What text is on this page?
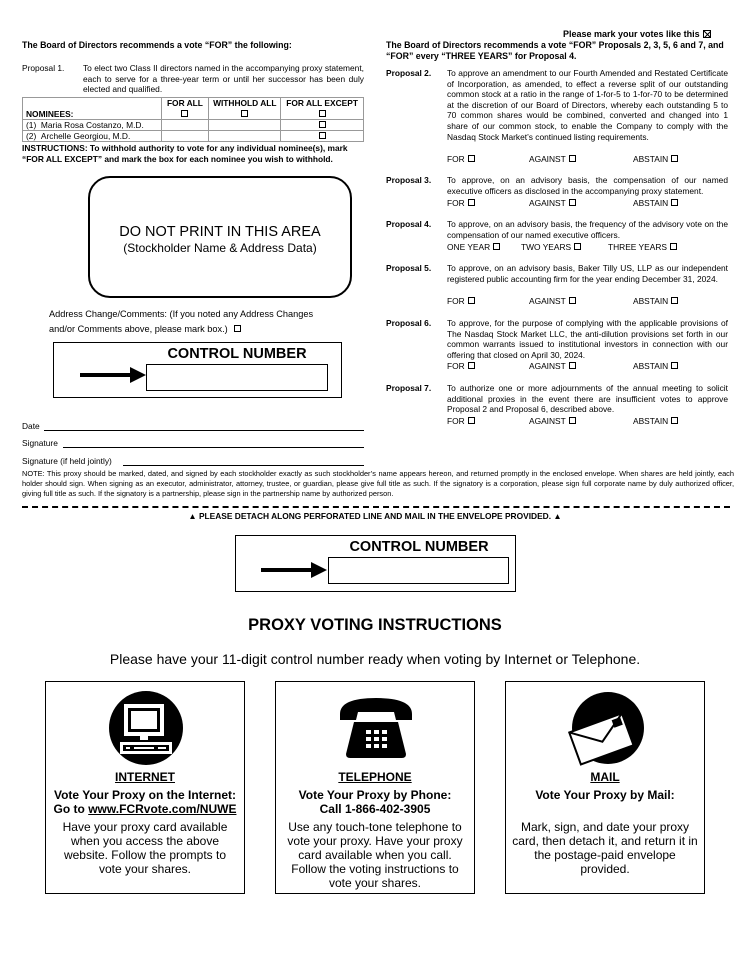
Please mark your votes like this
The Board of Directors recommends a vote “FOR” the following:
Proposal 1.	To elect two Class II directors named in the accompanying proxy statement, each to serve for a three-year term or until her successor has been duly elected and qualified.
	FOR ALL	WITHHOLD ALL	FOR ALL EXCEPT
NOMINEES:			
(1) Maria Rosa Costanzo, M.D.			
(2) Archelle Georgiou, M.D.			
INSTRUCTIONS: To withhold authority to vote for any individual nominee(s), mark “FOR ALL EXCEPT” and mark the box for each nominee you wish to withhold.
DO NOT PRINT IN THIS AREA
(Stockholder Name & Address Data)
Address Change/Comments: (If you noted any Address Changes
and/or Comments above, please mark box.)
CONTROL NUMBER
Date
Signature
Signature (if held jointly)
The Board of Directors recommends a vote “FOR” Proposals 2, 3, 5, 6 and 7, and “FOR” every “THREE YEARS” for Proposal 4.
Proposal 2.	To approve an amendment to our Fourth Amended and Restated Certificate of Incorporation, as amended, to effect a reverse split of our outstanding common stock at a ratio in the range of 1-for-5 to 1-for-70 to be determined at the discretion of our Board of Directors, whereby each outstanding 5 to 70 common shares would be combined, converted and changed into 1 share of our common stock, to enable the Company to comply with the Nasdaq Stock Market’s continued listing requirements.
FOR	AGAINST	ABSTAIN
Proposal 3.	To approve, on an advisory basis, the compensation of our named executive officers as disclosed in the accompanying proxy statement.
FOR	AGAINST	ABSTAIN
Proposal 4.	To approve, on an advisory basis, the frequency of the advisory vote on the compensation of our named executive officers.
ONE YEAR	TWO YEARS	THREE YEARS
Proposal 5.	To approve, on an advisory basis, Baker Tilly US, LLP as our independent registered public accounting firm for the year ending December 31, 2024.
FOR	AGAINST	ABSTAIN
Proposal 6.	To approve, for the purpose of complying with the applicable provisions of The Nasdaq Stock Market LLC, the anti-dilution provisions set forth in our common warrants issued to institutional investors in connection with our offering that closed on April 30, 2024.
FOR	AGAINST	ABSTAIN
Proposal 7.	To authorize one or more adjournments of the annual meeting to solicit additional proxies in the event there are insufficient votes to approve Proposal 2 and Proposal 6, described above.
FOR	AGAINST	ABSTAIN
NOTE: This proxy should be marked, dated, and signed by each stockholder exactly as such stockholder’s name appears hereon, and returned promptly in the enclosed envelope. When shares are held jointly, each holder should sign. When signing as an executor, administrator, attorney, trustee, or guardian, please give full title as such. If the signatory is a corporation, please sign full corporate name by duly authorized officer, giving full title as such. If the signatory is a partnership, please sign in the partnership name by authorized person.
▲ PLEASE DETACH ALONG PERFORATED LINE AND MAIL IN THE ENVELOPE PROVIDED. ▲
CONTROL NUMBER
PROXY VOTING INSTRUCTIONS
Please have your 11-digit control number ready when voting by Internet or Telephone.
INTERNET
Vote Your Proxy on the Internet:
Go to www.FCRvote.com/NUWE
Have your proxy card available when you access the above website. Follow the prompts to vote your shares.
TELEPHONE
Vote Your Proxy by Phone:
Call 1-866-402-3905
Use any touch-tone telephone to vote your proxy. Have your proxy card available when you call. Follow the voting instructions to vote your shares.
MAIL
Vote Your Proxy by Mail:
Mark, sign, and date your proxy card, then detach it, and return it in the postage-paid envelope provided.
